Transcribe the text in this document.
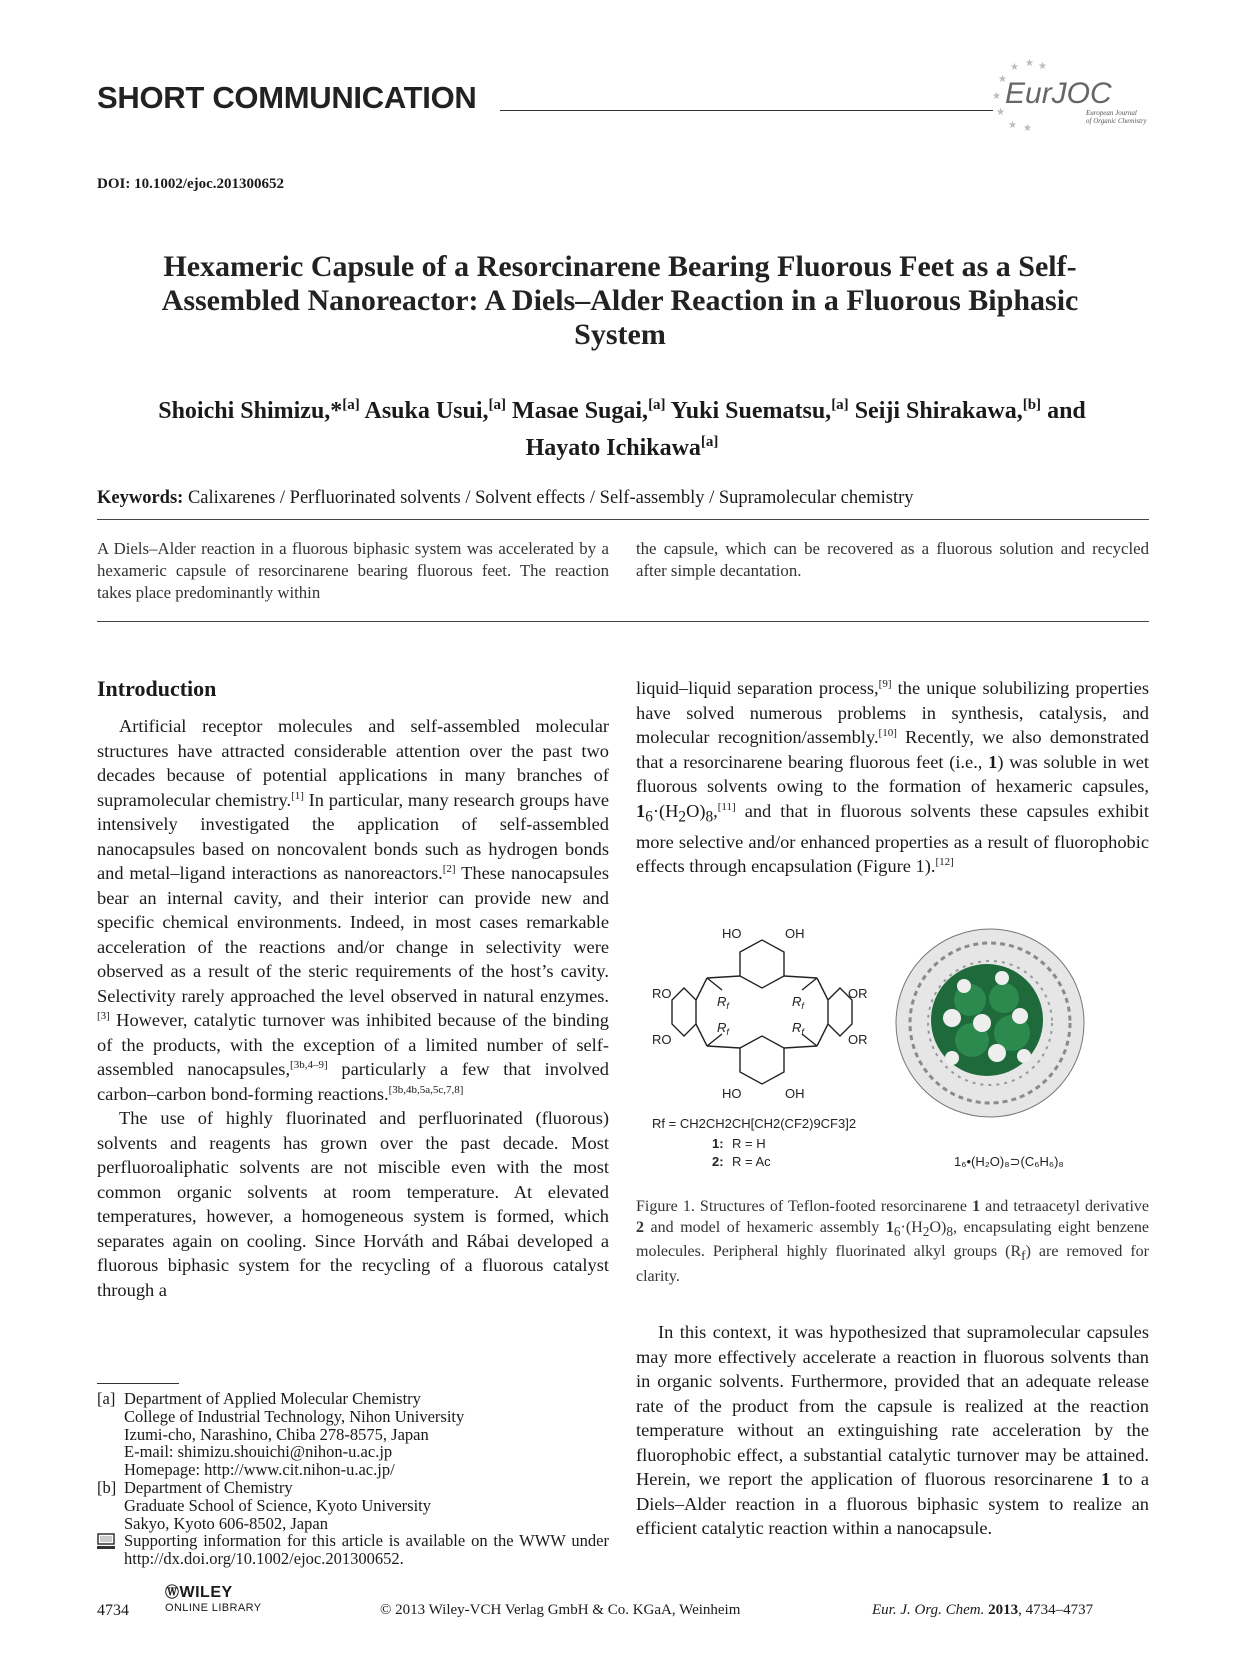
SHORT COMMUNICATION	★
★
★ ★ ★
★
★ ★
EurJOC
European Journal
of Organic Chemistry
DOI: 10.1002/ejoc.201300652
Hexameric Capsule of a Resorcinarene Bearing Fluorous Feet as a Self-Assembled Nanoreactor: A Diels–Alder Reaction in a Fluorous Biphasic System
Shoichi Shimizu,*[a] Asuka Usui,[a] Masae Sugai,[a] Yuki Suematsu,[a] Seiji Shirakawa,[b] and
Hayato Ichikawa[a]
Keywords: Calixarenes / Perfluorinated solvents / Solvent effects / Self-assembly / Supramolecular chemistry
A Diels–Alder reaction in a fluorous biphasic system was accelerated by a hexameric capsule of resorcinarene bearing fluorous feet. The reaction takes place predominantly within
the capsule, which can be recovered as a fluorous solution and recycled after simple decantation.
Introduction

Artificial receptor molecules and self-assembled molecular structures have attracted considerable attention over the past two decades because of potential applications in many branches of supramolecular chemistry.[1] In particular, many research groups have intensively investigated the application of self-assembled nanocapsules based on noncovalent bonds such as hydrogen bonds and metal–ligand interactions as nanoreactors.[2] These nanocapsules bear an internal cavity, and their interior can provide new and specific chemical environments. Indeed, in most cases remarkable acceleration of the reactions and/or change in selectivity were observed as a result of the steric requirements of the host’s cavity. Selectivity rarely approached the level observed in natural enzymes.[3] However, catalytic turnover was inhibited because of the binding of the products, with the exception of a limited number of self-assembled nanocapsules,[3b,4–9] particularly a few that involved carbon–carbon bond-forming reactions.[3b,4b,5a,5c,7,8]

The use of highly fluorinated and perfluorinated (fluorous) solvents and reagents has grown over the past decade. Most perfluoroaliphatic solvents are not miscible even with the most common organic solvents at room temperature. At elevated temperatures, however, a homogeneous system is formed, which separates again on cooling. Since Horváth and Rábai developed a fluorous biphasic system for the recycling of a fluorous catalyst through a

liquid–liquid separation process,[9] the unique solubilizing properties have solved numerous problems in synthesis, catalysis, and molecular recognition/assembly.[10] Recently, we also demonstrated that a resorcinarene bearing fluorous feet (i.e., 1) was soluble in wet fluorous solvents owing to the formation of hexameric capsules, $1_6\cdot(H_2O)_8,[11]$ and that in fluorous solvents these capsules exhibit more selective and/or enhanced properties as a result of fluorophobic effects through encapsulation (Figure 1).[12]

HO	OH
RO	OR
RO	OR
HO	OH
$R_f$	$R_f$
$R_f$	$R_f$
Rf = CH2CH2CH[CH2(CF2)9CF3]2
1: R = H
2: R = Ac	1₆•(H₂O)₈⊃(C₆H₆)₈
Figure 1. Structures of Teflon-footed resorcinarene 1 and tetraacetyl derivative 2 and model of hexameric assembly $1_6\cdot(H_2O)_8$, encapsulating eight benzene molecules. Peripheral highly fluorinated alkyl groups $(R_f)$ are removed for clarity.

In this context, it was hypothesized that supramolecular capsules may more effectively accelerate a reaction in fluorous solvents than in organic solvents. Furthermore, provided that an adequate release rate of the product from the capsule is realized at the reaction temperature without an extinguishing rate acceleration by the fluorophobic effect, a substantial catalytic turnover may be attained. Herein, we report the application of fluorous resorcinarene 1 to a Diels–Alder reaction in a fluorous biphasic system to realize an efficient catalytic reaction within a nanocapsule.

[a] Department of Applied Molecular Chemistry
College of Industrial Technology, Nihon University
Izumi-cho, Narashino, Chiba 278-8575, Japan
E-mail: shimizu.shouichi@nihon-u.ac.jp
Homepage: http://www.cit.nihon-u.ac.jp/
[b] Department of Chemistry
Graduate School of Science, Kyoto University
Sakyo, Kyoto 606-8502, Japan
Supporting information for this article is available on the WWW under http://dx.doi.org/10.1002/ejoc.201300652.
4734
ⓌWILEY
ONLINE LIBRARY	© 2013 Wiley-VCH Verlag GmbH & Co. KGaA, Weinheim	Eur. J. Org. Chem. 2013, 4734–4737
